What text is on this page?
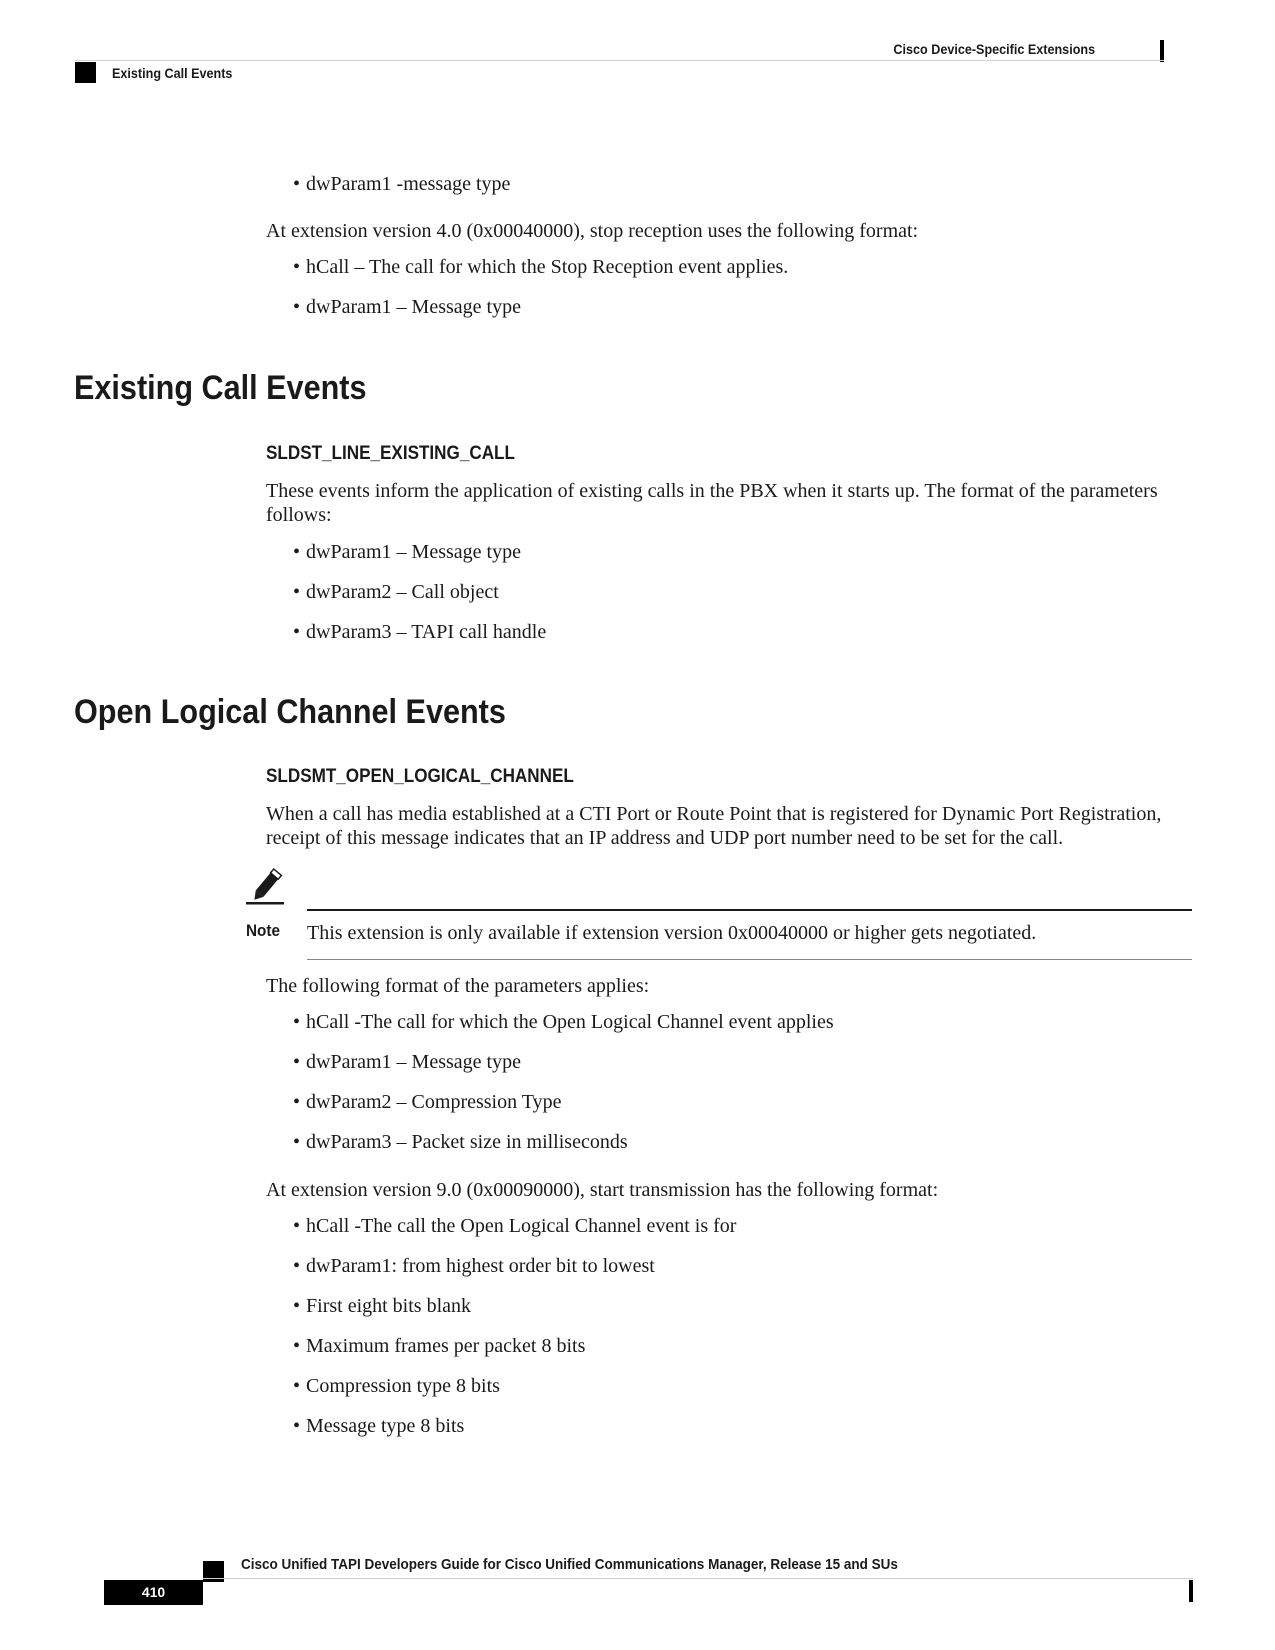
Cisco Device-Specific Extensions
Existing Call Events
• dwParam1 -message type
At extension version 4.0 (0x00040000), stop reception uses the following format:
• hCall – The call for which the Stop Reception event applies.
• dwParam1 – Message type
Existing Call Events
SLDST_LINE_EXISTING_CALL
These events inform the application of existing calls in the PBX when it starts up. The format of the parameters follows:
• dwParam1 – Message type
• dwParam2 – Call object
• dwParam3 – TAPI call handle
Open Logical Channel Events
SLDSMT_OPEN_LOGICAL_CHANNEL
When a call has media established at a CTI Port or Route Point that is registered for Dynamic Port Registration, receipt of this message indicates that an IP address and UDP port number need to be set for the call.
Note This extension is only available if extension version 0x00040000 or higher gets negotiated.
The following format of the parameters applies:
• hCall -The call for which the Open Logical Channel event applies
• dwParam1 – Message type
• dwParam2 – Compression Type
• dwParam3 – Packet size in milliseconds
At extension version 9.0 (0x00090000), start transmission has the following format:
• hCall -The call the Open Logical Channel event is for
• dwParam1: from highest order bit to lowest
• First eight bits blank
• Maximum frames per packet 8 bits
• Compression type 8 bits
• Message type 8 bits
Cisco Unified TAPI Developers Guide for Cisco Unified Communications Manager, Release 15 and SUs
410
